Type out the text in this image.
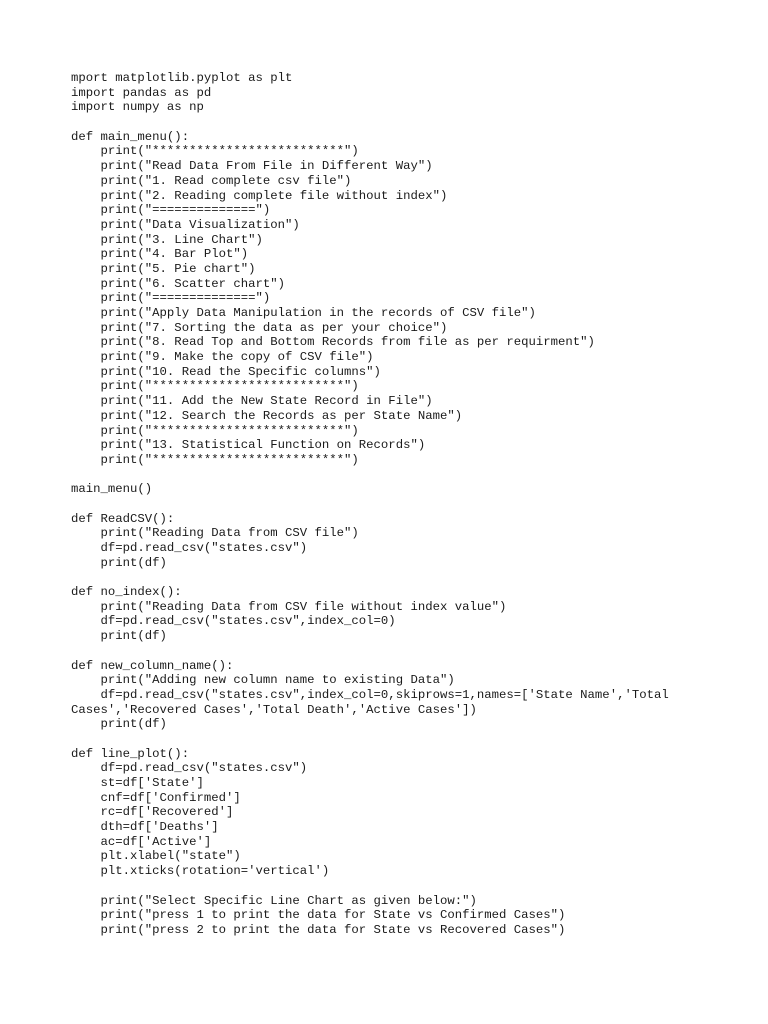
mport matplotlib.pyplot as plt
import pandas as pd
import numpy as np

def main_menu():
print("**************************")
print("Read Data From File in Different Way")
print("1. Read complete csv file")
print("2. Reading complete file without index")
print("==============")
print("Data Visualization")
print("3. Line Chart")
print("4. Bar Plot")
print("5. Pie chart")
print("6. Scatter chart")
print("==============")
print("Apply Data Manipulation in the records of CSV file")
print("7. Sorting the data as per your choice")
print("8. Read Top and Bottom Records from file as per requirment")
print("9. Make the copy of CSV file")
print("10. Read the Specific columns")
print("**************************")
print("11. Add the New State Record in File")
print("12. Search the Records as per State Name")
print("**************************")
print("13. Statistical Function on Records")
print("**************************")

main_menu()

def ReadCSV():
print("Reading Data from CSV file")
df=pd.read_csv("states.csv")
print(df)

def no_index():
print("Reading Data from CSV file without index value")
df=pd.read_csv("states.csv",index_col=0)
print(df)

def new_column_name():
print("Adding new column name to existing Data")
df=pd.read_csv("states.csv",index_col=0,skiprows=1,names=['State Name','Total
Cases','Recovered Cases','Total Death','Active Cases'])
print(df)

def line_plot():
df=pd.read_csv("states.csv")
st=df['State']
cnf=df['Confirmed']
rc=df['Recovered']
dth=df['Deaths']
ac=df['Active']
plt.xlabel("state")
plt.xticks(rotation='vertical')

print("Select Specific Line Chart as given below:")
print("press 1 to print the data for State vs Confirmed Cases")
print("press 2 to print the data for State vs Recovered Cases")
